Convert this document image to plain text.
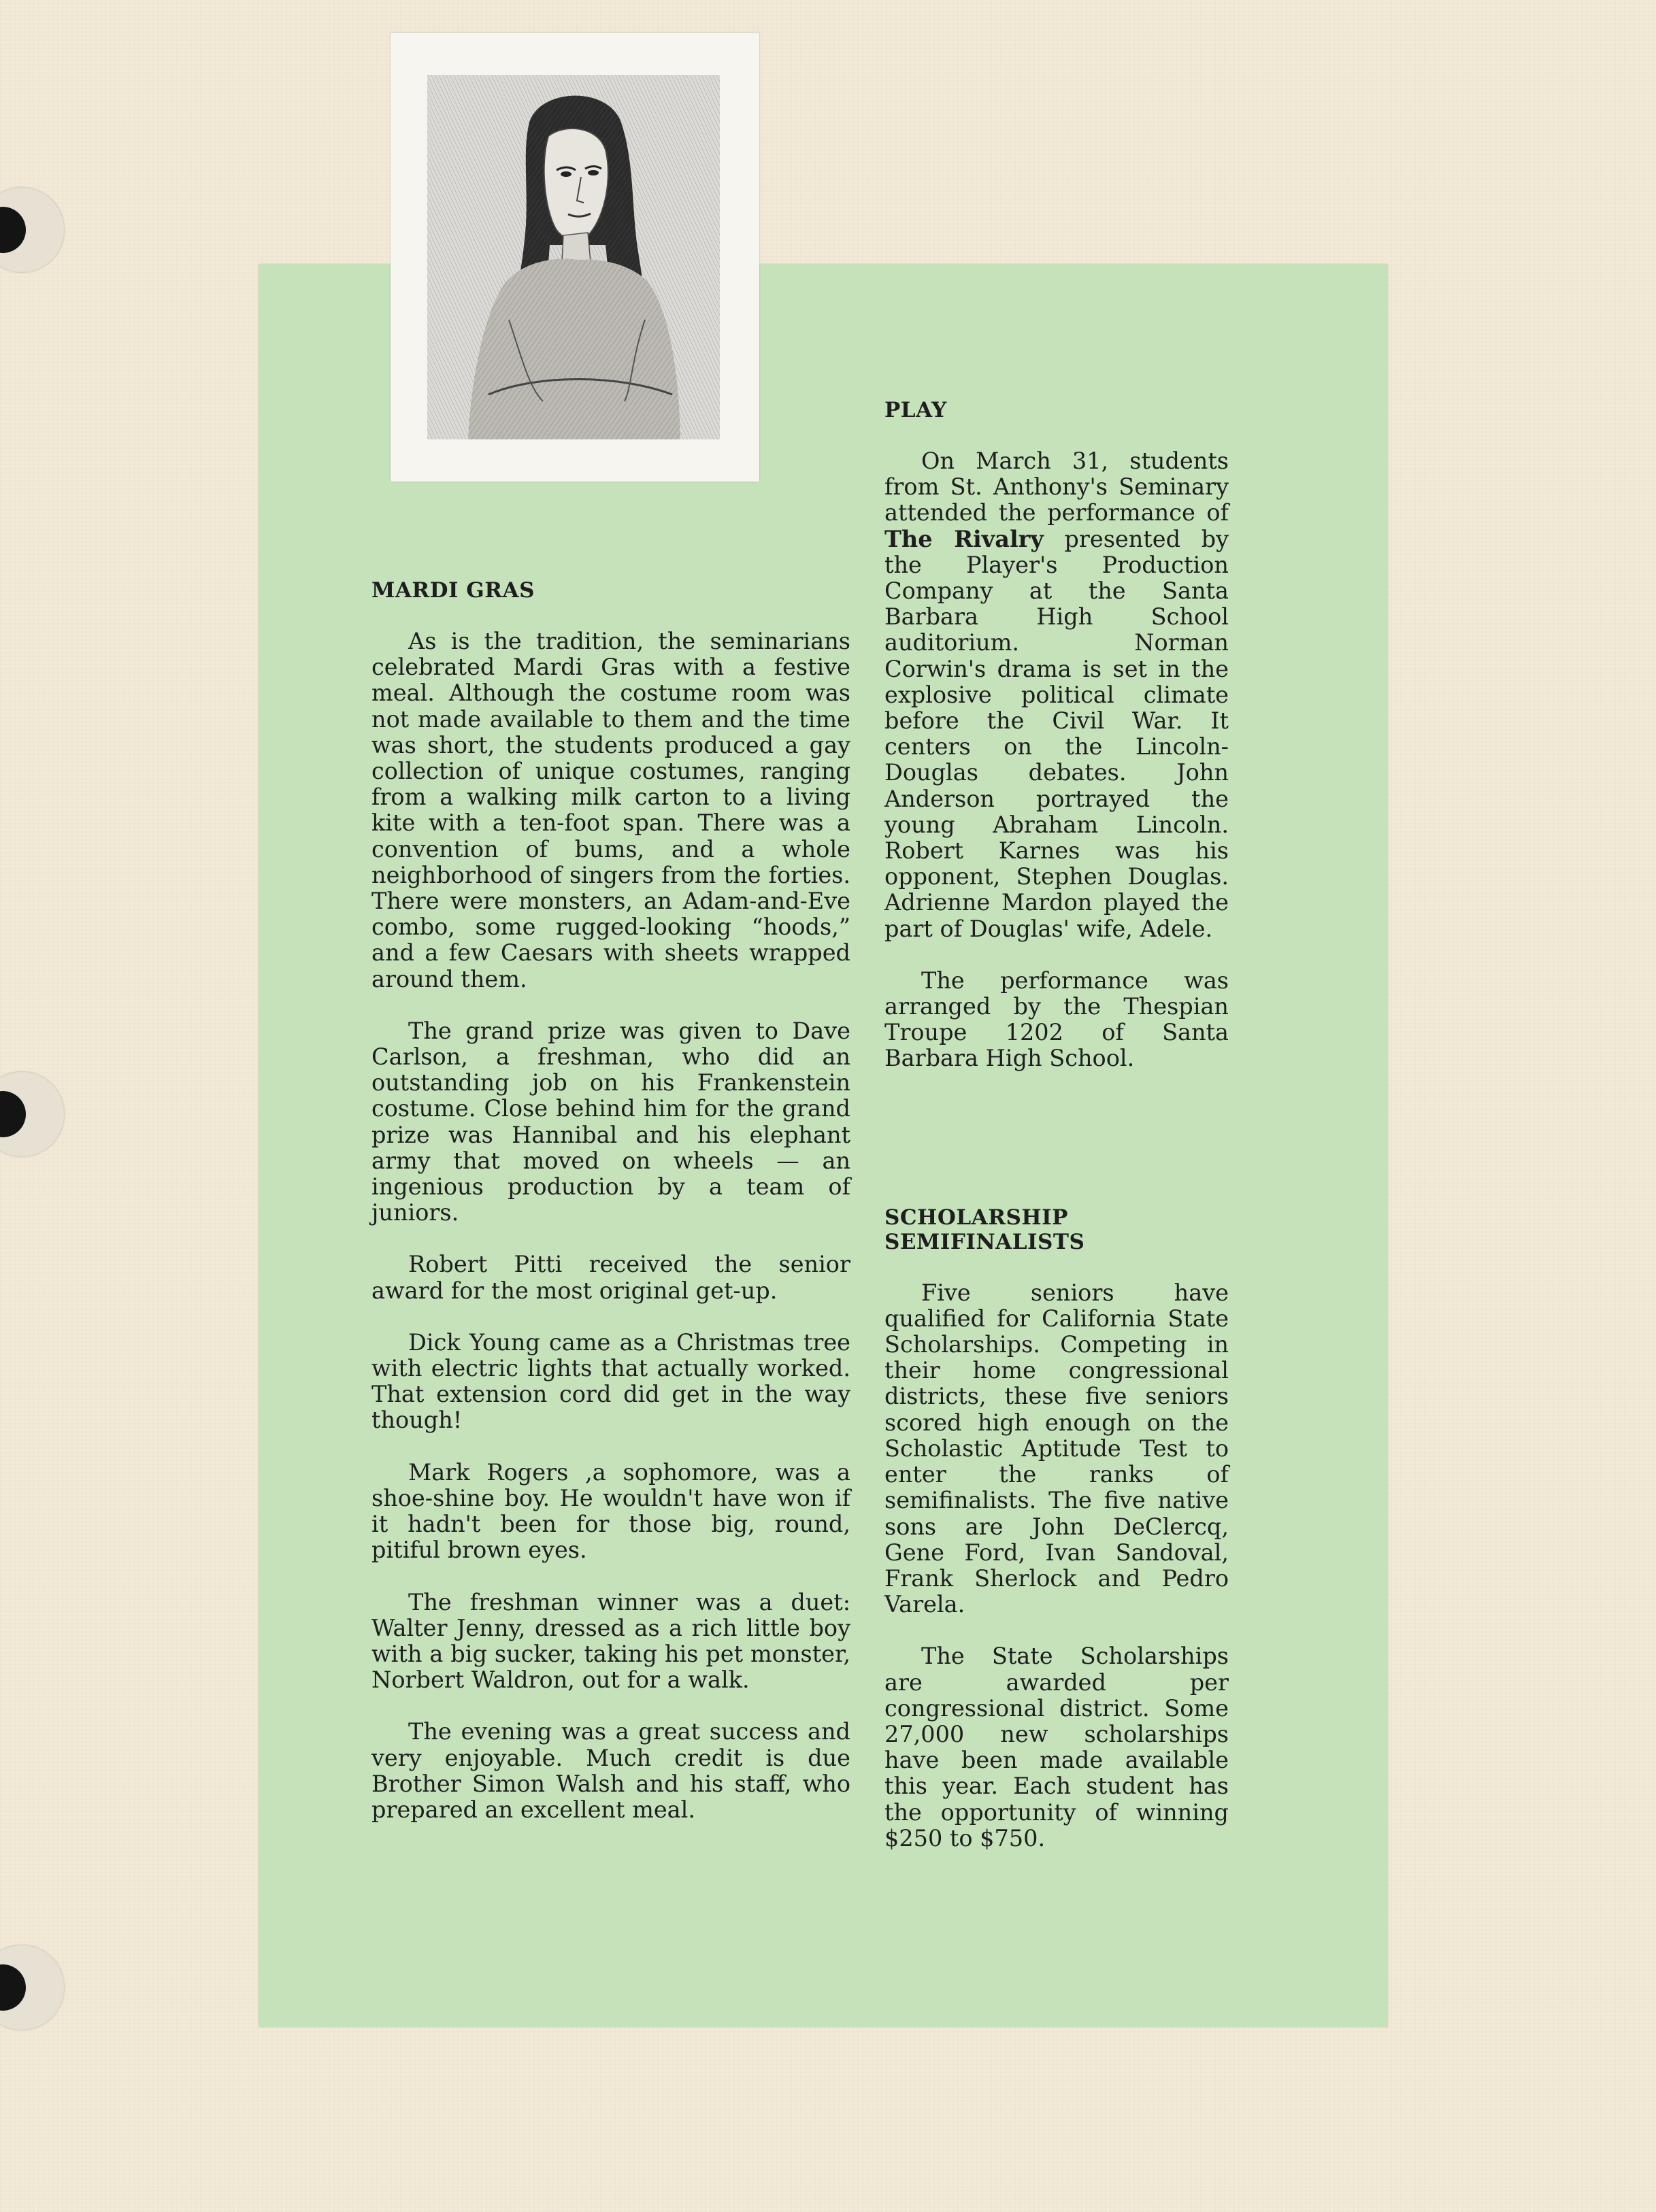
MARDI GRAS

As is the tradition, the seminarians celebrated Mardi Gras with a festive meal. Although the costume room was not made available to them and the time was short, the students produced a gay collection of unique costumes, ranging from a walking milk carton to a living kite with a ten-foot span. There was a convention of bums, and a whole neighborhood of singers from the forties. There were monsters, an Adam-and-Eve combo, some rugged-looking “hoods,” and a few Caesars with sheets wrapped around them.

The grand prize was given to Dave Carlson, a freshman, who did an outstanding job on his Frankenstein costume. Close behind him for the grand prize was Hannibal and his elephant army that moved on wheels — an ingenious production by a team of juniors.

Robert Pitti received the senior award for the most original get-up.

Dick Young came as a Christmas tree with electric lights that actually worked. That extension cord did get in the way though!

Mark Rogers ,a sophomore, was a shoe-shine boy. He wouldn't have won if it hadn't been for those big, round, pitiful brown eyes.

The freshman winner was a duet: Walter Jenny, dressed as a rich little boy with a big sucker, taking his pet monster, Norbert Waldron, out for a walk.

The evening was a great success and very enjoyable. Much credit is due Brother Simon Walsh and his staff, who prepared an excellent meal.

PLAY

On March 31, students from St. Anthony's Seminary attended the performance of The Rivalry presented by the Player's Production Company at the Santa Barbara High School auditorium. Norman Corwin's drama is set in the explosive political climate before the Civil War. It centers on the Lincoln-Douglas debates. John Anderson portrayed the young Abraham Lincoln. Robert Karnes was his opponent, Stephen Douglas. Adrienne Mardon played the part of Douglas' wife, Adele.

The performance was arranged by the Thespian Troupe 1202 of Santa Barbara High School.

SCHOLARSHIP SEMIFINALISTS

Five seniors have qualified for California State Scholarships. Competing in their home congressional districts, these five seniors scored high enough on the Scholastic Aptitude Test to enter the ranks of semifinalists. The five native sons are John DeClercq, Gene Ford, Ivan Sandoval, Frank Sherlock and Pedro Varela.

The State Scholarships are awarded per congressional district. Some 27,000 new scholarships have been made available this year. Each student has the opportunity of winning $250 to $750.
